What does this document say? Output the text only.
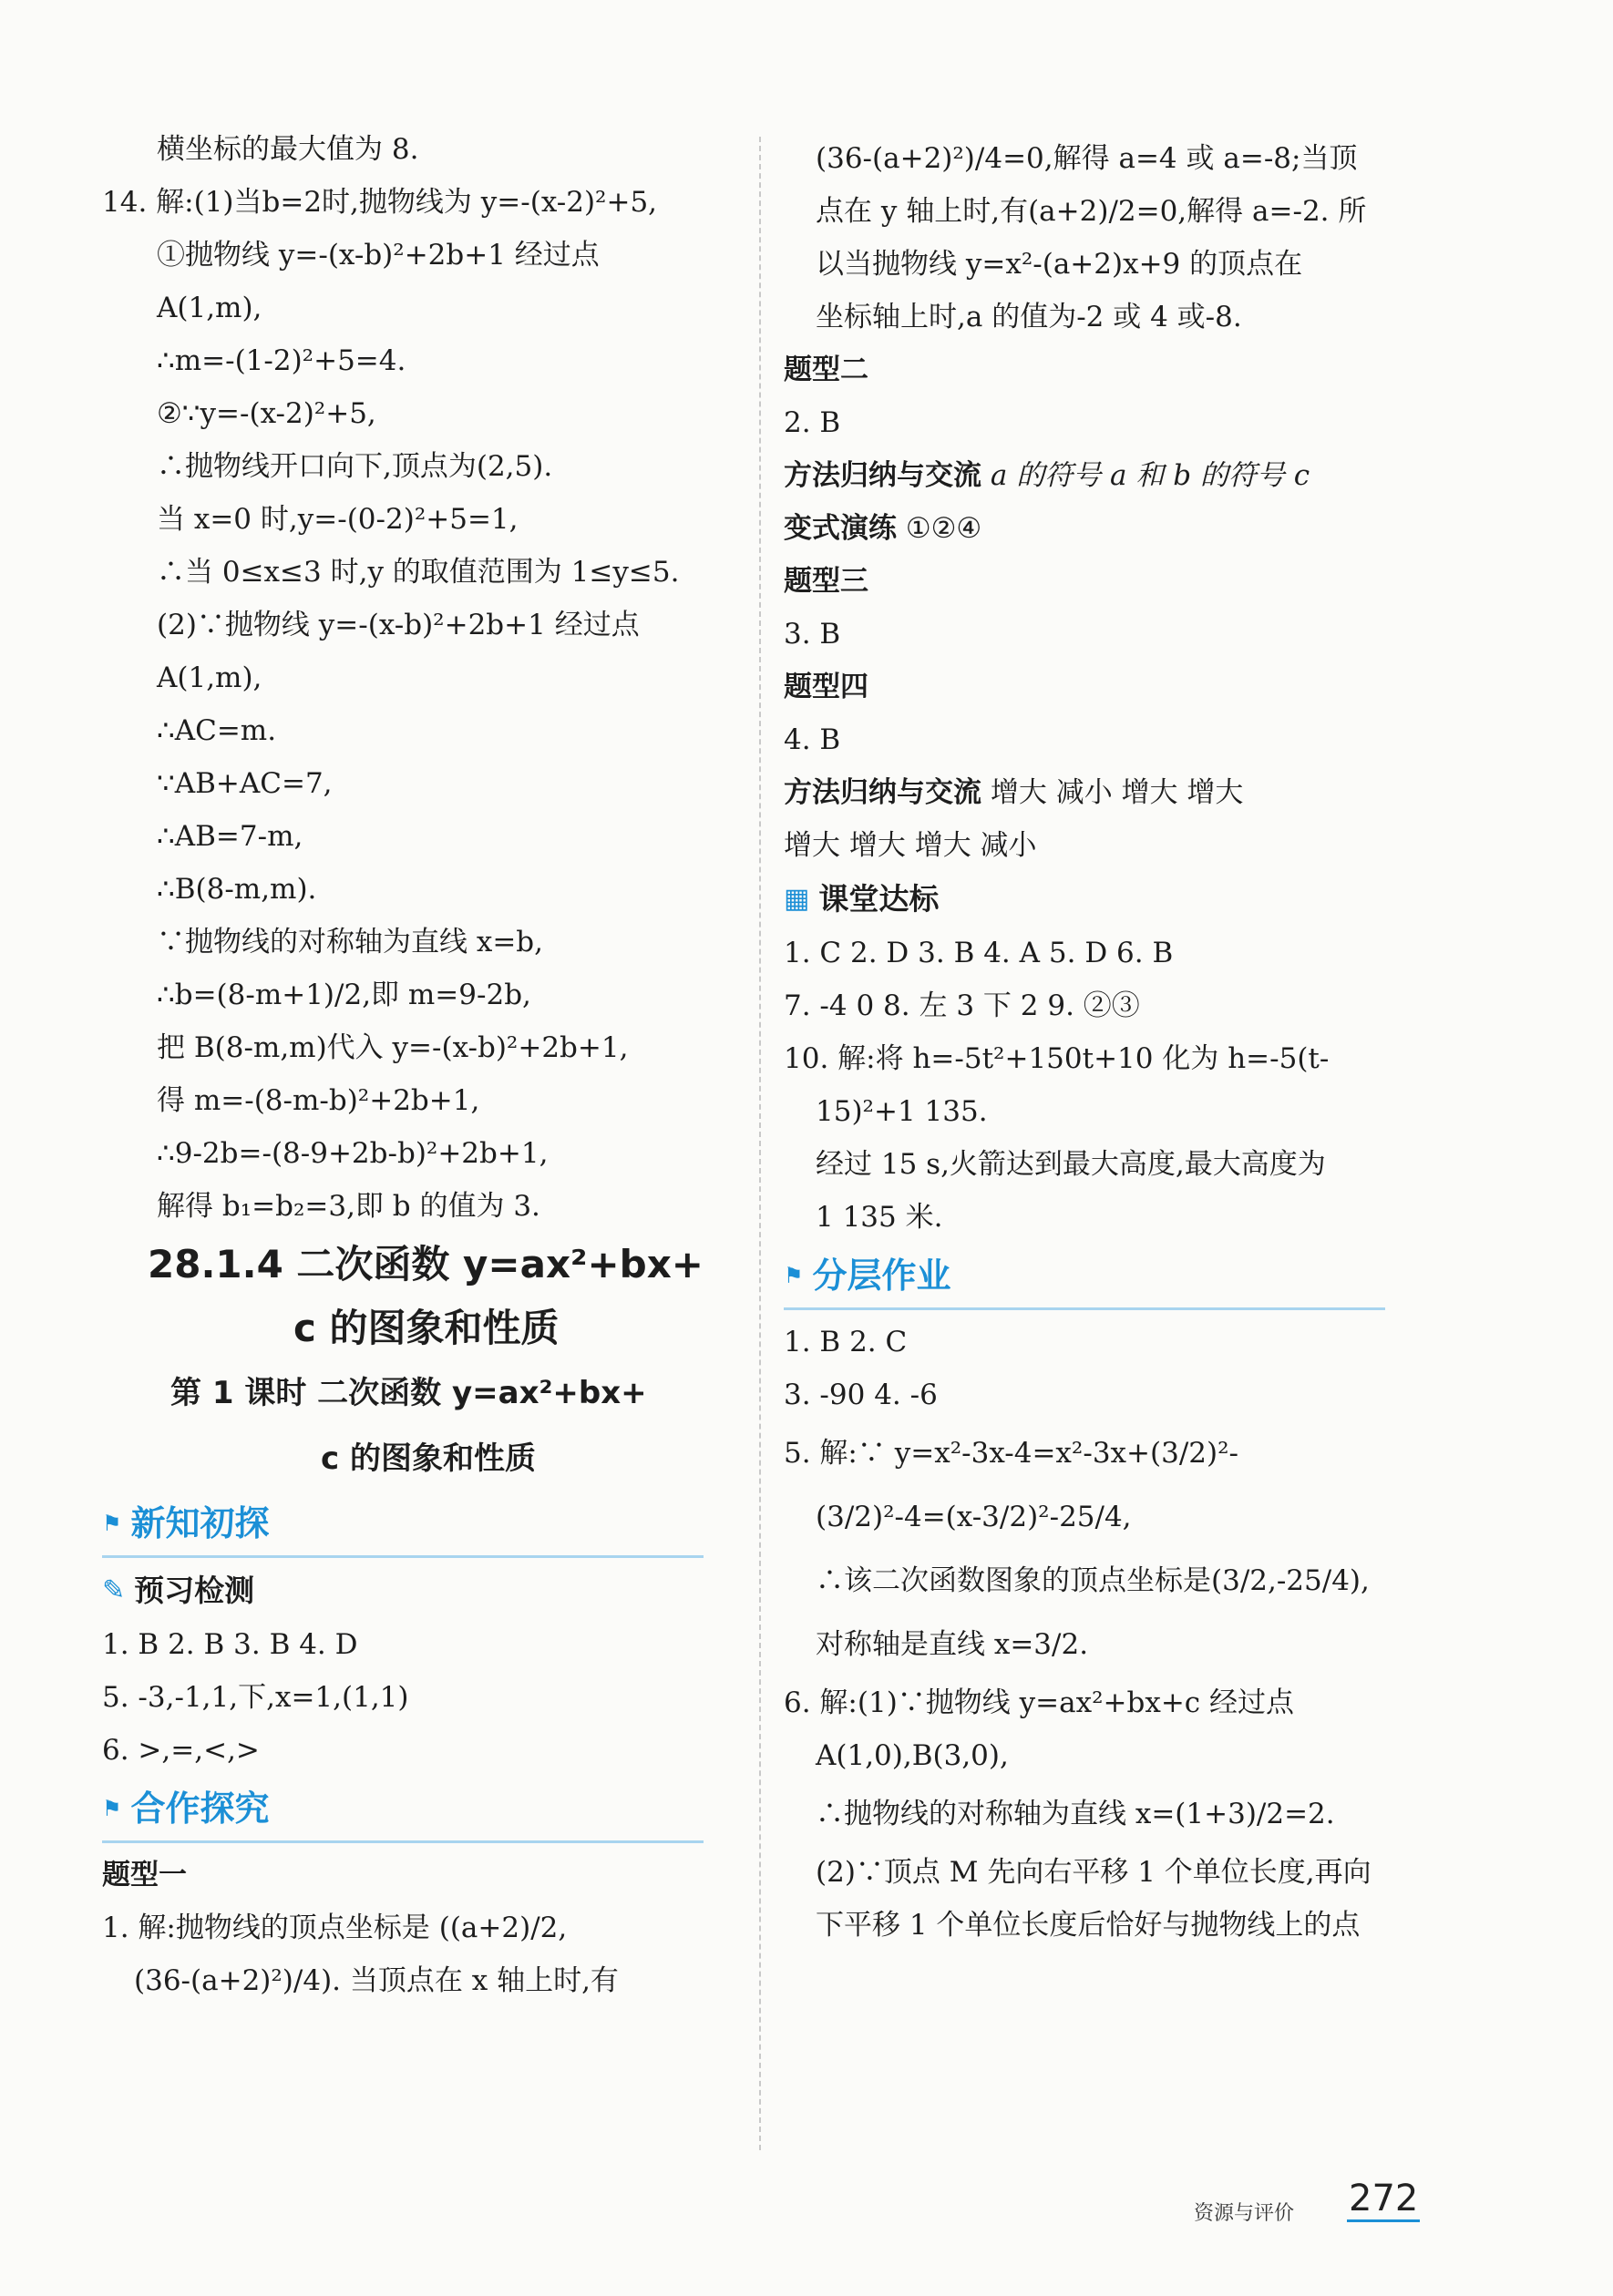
横坐标的最大值为 8.
14. 解:(1)当b=2时,抛物线为 y=-(x-2)²+5,
①抛物线 y=-(x-b)²+2b+1 经过点
A(1,m),
∴m=-(1-2)²+5=4.
②∵y=-(x-2)²+5,
∴抛物线开口向下,顶点为(2,5).
当 x=0 时,y=-(0-2)²+5=1,
∴当 0≤x≤3 时,y 的取值范围为 1≤y≤5.
(2)∵抛物线 y=-(x-b)²+2b+1 经过点
A(1,m),
∴AC=m.
∵AB+AC=7,
∴AB=7-m,
∴B(8-m,m).
∵抛物线的对称轴为直线 x=b,
∴b=(8-m+1)/2,即 m=9-2b,
把 B(8-m,m)代入 y=-(x-b)²+2b+1,
得 m=-(8-m-b)²+2b+1,
∴9-2b=-(8-9+2b-b)²+2b+1,
解得 b₁=b₂=3,即 b 的值为 3.
28.1.4 二次函数 y=ax²+bx+
c 的图象和性质
第 1 课时 二次函数 y=ax²+bx+
c 的图象和性质
⚑ 新知初探
✎ 预习检测
1. B 2. B 3. B 4. D
5. -3,-1,1,下,x=1,(1,1)
6. >,=,<,>
⚑ 合作探究
题型一
1. 解:抛物线的顶点坐标是 ((a+2)/2,
(36-(a+2)²)/4). 当顶点在 x 轴上时,有
(36-(a+2)²)/4=0,解得 a=4 或 a=-8;当顶
点在 y 轴上时,有(a+2)/2=0,解得 a=-2. 所
以当抛物线 y=x²-(a+2)x+9 的顶点在
坐标轴上时,a 的值为-2 或 4 或-8.
题型二
2. B
方法归纳与交流 a 的符号 a 和 b 的符号 c
变式演练 ①②④
题型三
3. B
题型四
4. B
方法归纳与交流 增大 减小 增大 增大
增大 增大 增大 减小
▦ 课堂达标
1. C 2. D 3. B 4. A 5. D 6. B
7. -4 0 8. 左 3 下 2 9. ②③
10. 解:将 h=-5t²+150t+10 化为 h=-5(t-
15)²+1 135.
经过 15 s,火箭达到最大高度,最大高度为
1 135 米.
⚑ 分层作业
1. B 2. C
3. -90 4. -6
5. 解:∵ y=x²-3x-4=x²-3x+(3/2)²-
(3/2)²-4=(x-3/2)²-25/4,
∴该二次函数图象的顶点坐标是(3/2,-25/4),
对称轴是直线 x=3/2.
6. 解:(1)∵抛物线 y=ax²+bx+c 经过点
A(1,0),B(3,0),
∴抛物线的对称轴为直线 x=(1+3)/2=2.
(2)∵顶点 M 先向右平移 1 个单位长度,再向
下平移 1 个单位长度后恰好与抛物线上的点
资源与评价 272
